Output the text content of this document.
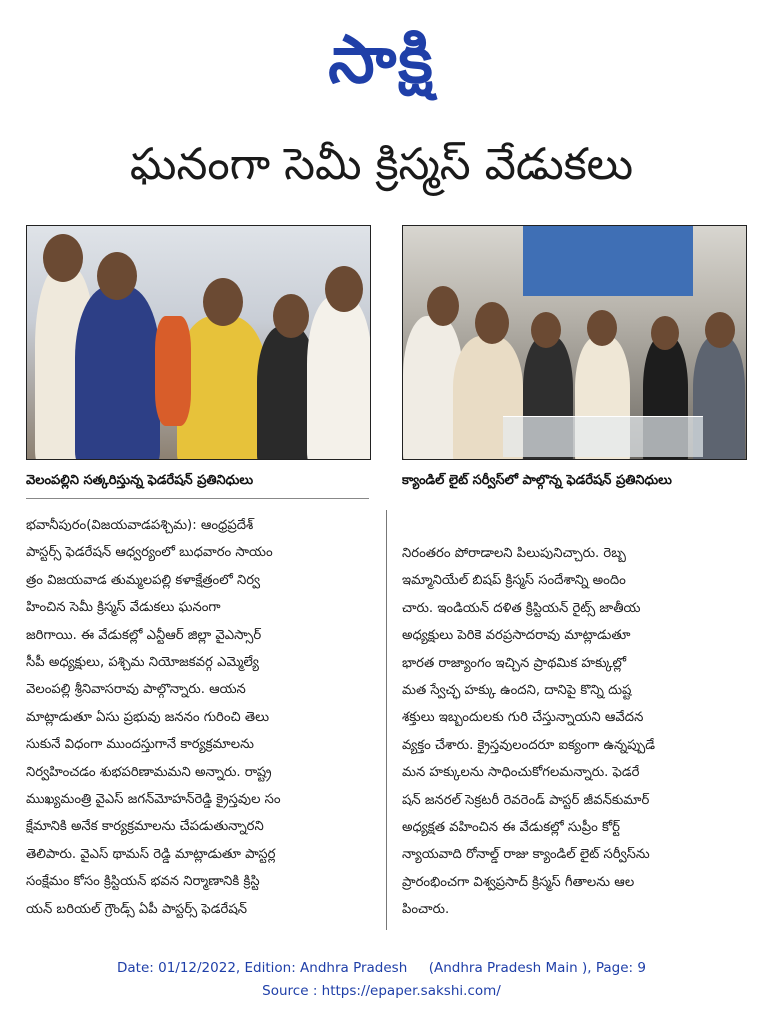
సాక్షి
ఘనంగా సెమీ క్రిస్మస్ వేడుకలు
వెలంపల్లిని సత్కరిస్తున్న ఫెడరేషన్ ప్రతినిధులు	క్యాండిల్ లైట్ సర్వీస్‌లో పాల్గొన్న ఫెడరేషన్ ప్రతినిధులు
భవానీపురం(విజయవాడపశ్చిమ): ఆంధ్రప్రదేశ్
పాస్టర్స్ ఫెడరేషన్ ఆధ్వర్యంలో బుధవారం సాయం
త్రం విజయవాడ తుమ్మలపల్లి కళాక్షేత్రంలో నిర్వ
హించిన సెమీ క్రిస్మస్ వేడుకలు ఘనంగా
జరిగాయి. ఈ వేడుకల్లో ఎన్టీఆర్ జిల్లా వైఎస్సార్
సీపీ అధ్యక్షులు, పశ్చిమ నియోజకవర్గ ఎమ్మెల్యే
వెలంపల్లి శ్రీనివాసరావు పాల్గొన్నారు. ఆయన
మాట్లాడుతూ ఏసు ప్రభువు జననం గురించి తెలు
సుకునే విధంగా ముందస్తుగానే కార్యక్రమాలను
నిర్వహించడం శుభపరిణామమని అన్నారు. రాష్ట్ర
ముఖ్యమంత్రి వైఎస్ జగన్‌మోహన్‌రెడ్డి క్రైస్తవుల సం
క్షేమానికి అనేక కార్యక్రమాలను చేపడుతున్నారని
తెలిపారు. వైఎస్ థామస్ రెడ్డి మాట్లాడుతూ పాస్టర్ల
సంక్షేమం కోసం క్రిస్టియన్ భవన నిర్మాణానికి క్రిస్టి
యన్ బరియల్ గ్రౌండ్స్ ఏపీ పాస్టర్స్ ఫెడరేషన్
నిరంతరం పోరాడాలని పిలుపునిచ్చారు. రెబ్బ
ఇమ్మానియేల్ బిషప్ క్రిస్మస్ సందేశాన్ని అందిం
చారు. ఇండియన్ దళిత క్రిస్టియన్ రైట్స్ జాతీయ
అధ్యక్షులు పెరికె వరప్రసాదరావు మాట్లాడుతూ
భారత రాజ్యాంగం ఇచ్చిన ప్రాథమిక హక్కుల్లో
మత స్వేచ్ఛ హక్కు ఉందని, దానిపై కొన్ని దుష్ట
శక్తులు ఇబ్బందులకు గురి చేస్తున్నాయని ఆవేదన
వ్యక్తం చేశారు. క్రైస్తవులందరూ ఐక్యంగా ఉన్నప్పుడే
మన హక్కులను సాధించుకోగలమన్నారు. ఫెడరే
షన్ జనరల్ సెక్రటరీ రెవరెండ్ పాస్టర్ జీవన్‌కుమార్
అధ్యక్షత వహించిన ఈ వేడుకల్లో సుప్రీం కోర్ట్
న్యాయవాది రోనాల్డ్ రాజు క్యాండిల్ లైట్ సర్వీస్‌ను
ప్రారంభించగా విశ్వప్రసాద్ క్రిస్మస్ గీతాలను ఆల
పించారు.
Date: 01/12/2022, Edition: Andhra Pradesh     (Andhra Pradesh Main ), Page: 9
Source : https://epaper.sakshi.com/
